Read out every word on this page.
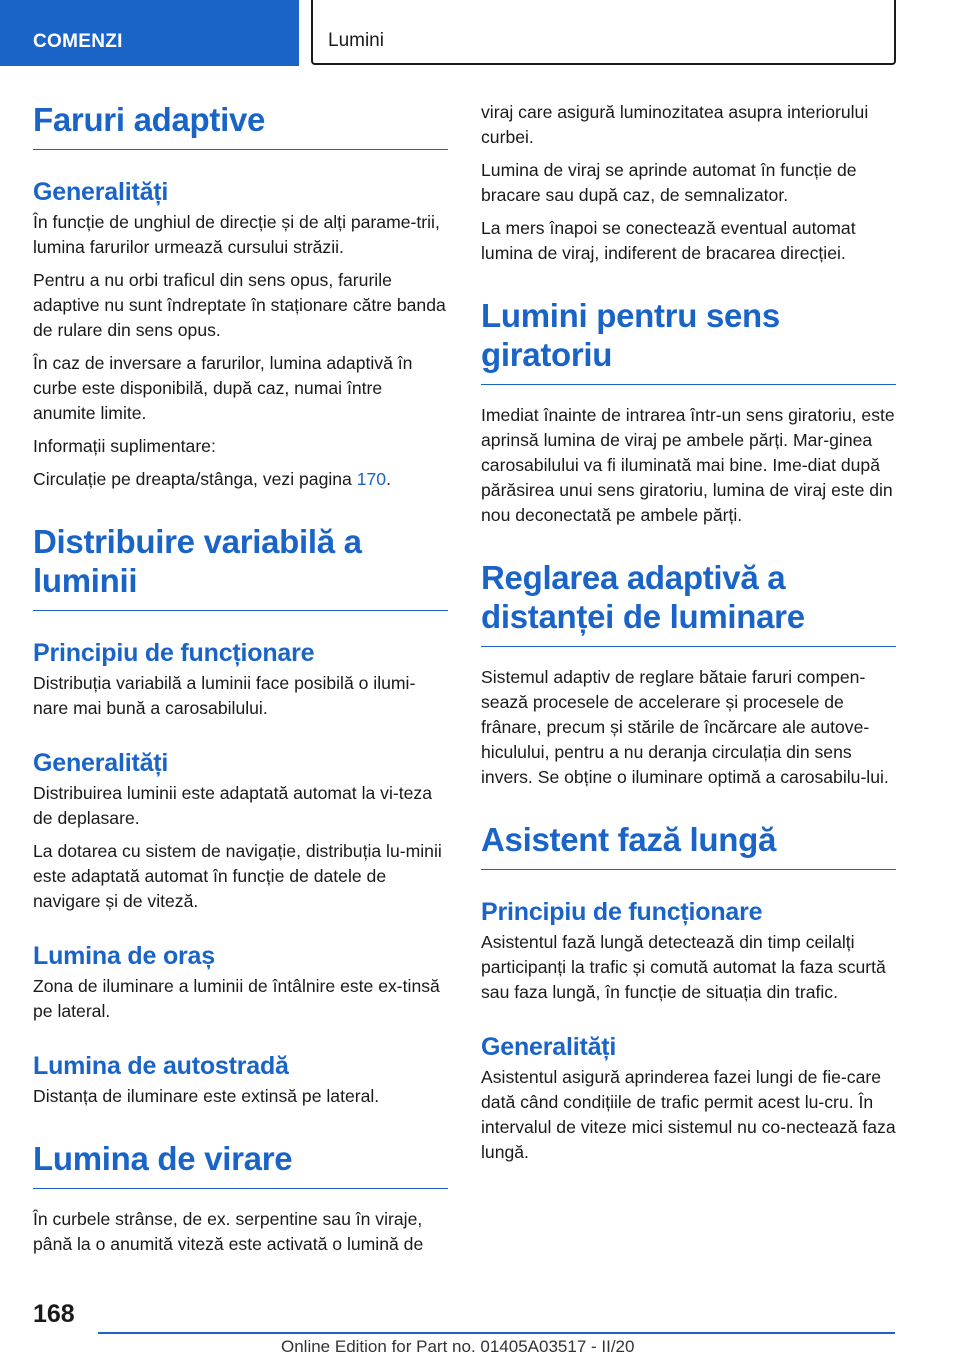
COMENZI	Lumini
Faruri adaptive
Generalități

În funcție de unghiul de direcție și de alți parame-trii, lumina farurilor urmează cursului străzii.

Pentru a nu orbi traficul din sens opus, farurile adaptive nu sunt îndreptate în staționare către banda de rulare din sens opus.

În caz de inversare a farurilor, lumina adaptivă în curbe este disponibilă, după caz, numai între anumite limite.

Informații suplimentare:

Circulație pe dreapta/stânga, vezi pagina 170.

Distribuire variabilă a luminii
Principiu de funcționare

Distribuția variabilă a luminii face posibilă o ilumi-nare mai bună a carosabilului.

Generalități

Distribuirea luminii este adaptată automat la vi-teza de deplasare.

La dotarea cu sistem de navigație, distribuția lu-minii este adaptată automat în funcție de datele de navigare și de viteză.

Lumina de oraș

Zona de iluminare a luminii de întâlnire este ex-tinsă pe lateral.

Lumina de autostradă

Distanța de iluminare este extinsă pe lateral.

Lumina de virare

În curbele strânse, de ex. serpentine sau în viraje, până la o anumită viteză este activată o lumină de

viraj care asigură luminozitatea asupra interiorului curbei.

Lumina de viraj se aprinde automat în funcție de bracare sau după caz, de semnalizator.

La mers înapoi se conectează eventual automat lumina de viraj, indiferent de bracarea direcției.

Lumini pentru sens giratoriu

Imediat înainte de intrarea într-un sens giratoriu, este aprinsă lumina de viraj pe ambele părți. Mar-ginea carosabilului va fi iluminată mai bine. Ime-diat după părăsirea unui sens giratoriu, lumina de viraj este din nou deconectată pe ambele părți.

Reglarea adaptivă a distanței de luminare

Sistemul adaptiv de reglare bătaie faruri compen-sează procesele de accelerare și procesele de frânare, precum și stările de încărcare ale autove-hiculului, pentru a nu deranja circulația din sens invers. Se obține o iluminare optimă a carosabilu-lui.

Asistent fază lungă
Principiu de funcționare

Asistentul fază lungă detectează din timp ceilalți participanți la trafic și comută automat la faza scurtă sau faza lungă, în funcție de situația din trafic.

Generalități

Asistentul asigură aprinderea fazei lungi de fie-care dată când condițiile de trafic permit acest lu-cru. În intervalul de viteze mici sistemul nu co-nectează faza lungă.

168
Online Edition for Part no. 01405A03517 - II/20
